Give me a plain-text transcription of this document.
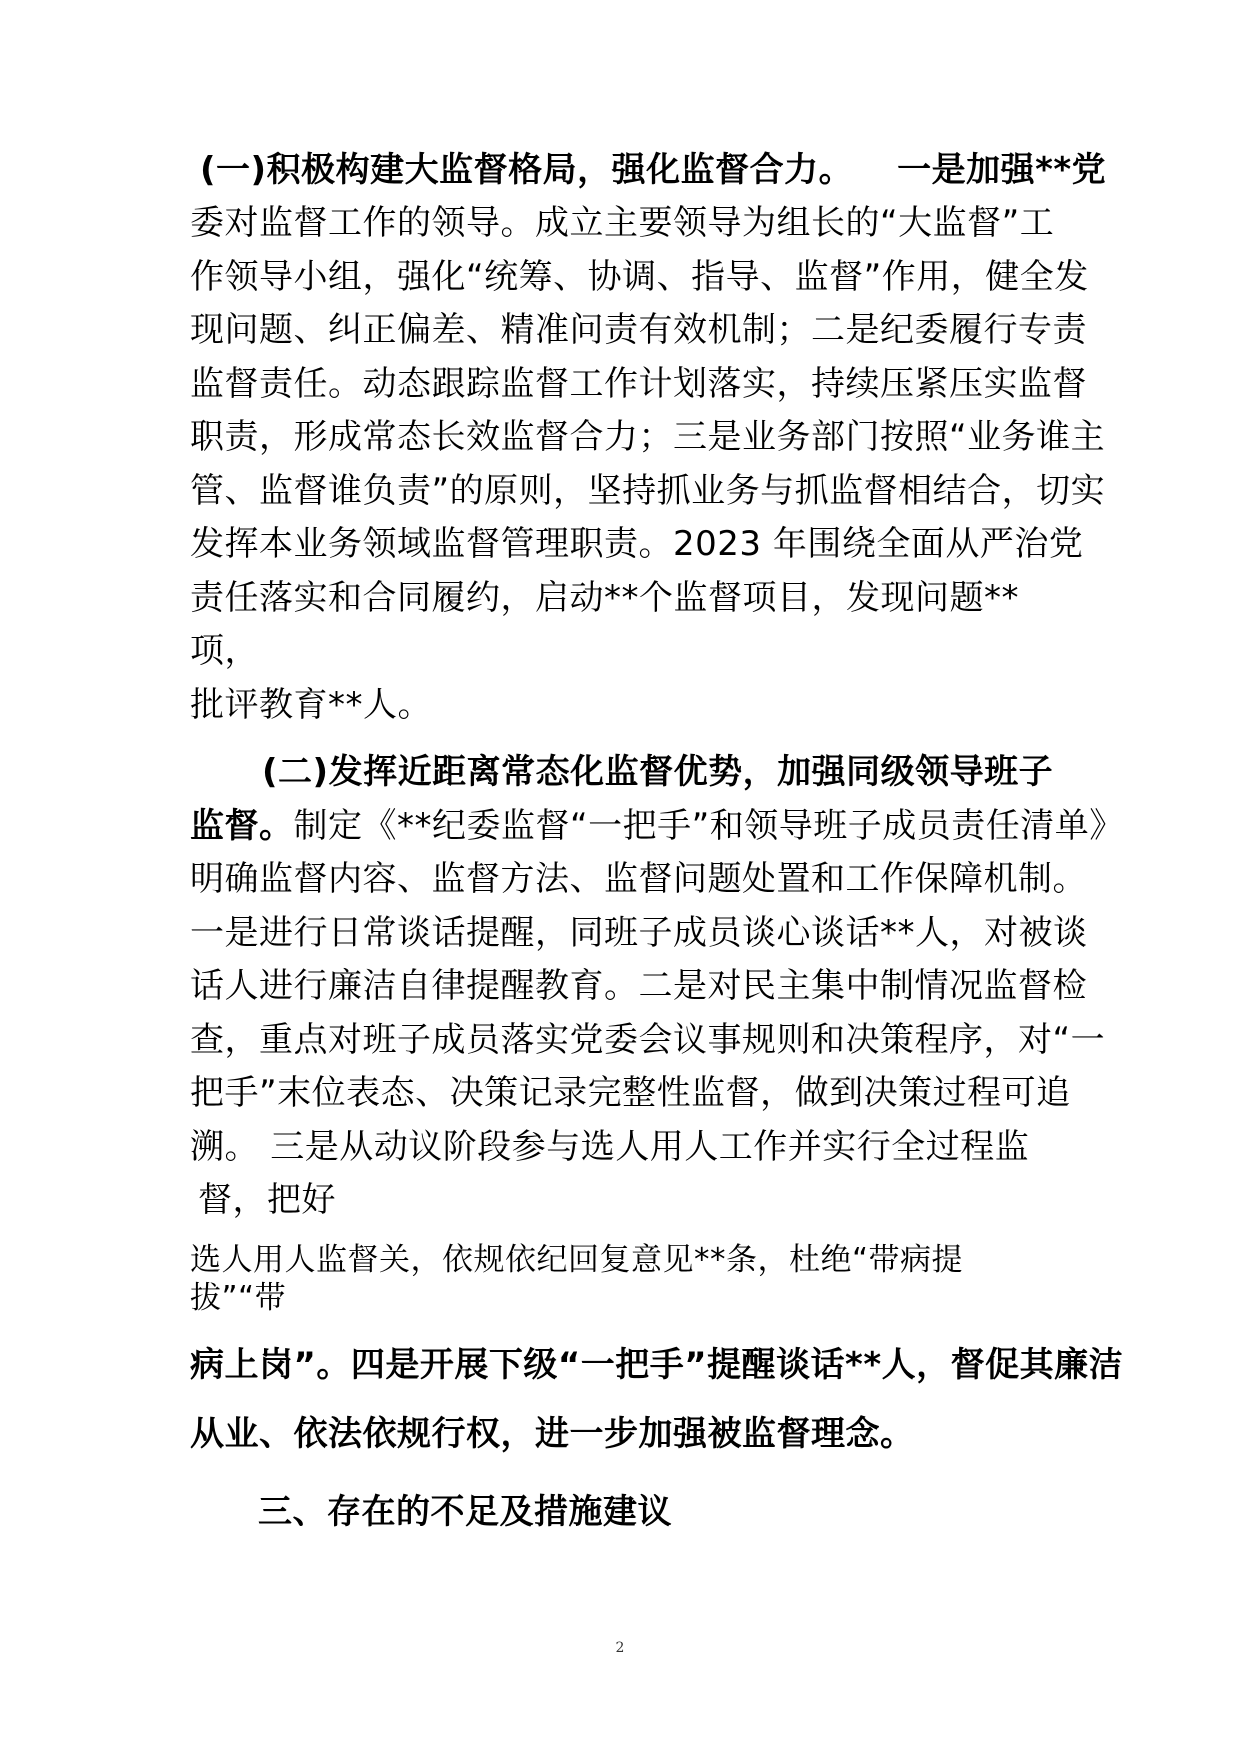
(一)积极构建大监督格局，强化监督合力。 一是加强**党
委对监督工作的领导。成立主要领导为组长的“大监督”工
作领导小组，强化“统筹、协调、指导、监督”作用，健全发
现问题、纠正偏差、精准问责有效机制；二是纪委履行专责
监督责任。动态跟踪监督工作计划落实，持续压紧压实监督
职责，形成常态长效监督合力；三是业务部门按照“业务谁主
管、监督谁负责”的原则，坚持抓业务与抓监督相结合，切实
发挥本业务领域监督管理职责。2023 年围绕全面从严治党
责任落实和合同履约，启动**个监督项目，发现问题**
项，
批评教育**人。
(二)发挥近距离常态化监督优势，加强同级领导班子
监督。制定《**纪委监督“一把手”和领导班子成员责任清单》
明确监督内容、监督方法、监督问题处置和工作保障机制。
一是进行日常谈话提醒，同班子成员谈心谈话**人，对被谈
话人进行廉洁自律提醒教育。二是对民主集中制情况监督检
查，重点对班子成员落实党委会议事规则和决策程序，对“一
把手”末位表态、决策记录完整性监督，做到决策过程可追
溯。 三是从动议阶段参与选人用人工作并实行全过程监
督，把好
选人用人监督关，依规依纪回复意见**条，杜绝“带病提
拔”“带
病上岗”。四是开展下级“一把手”提醒谈话**人，督促其廉洁
从业、依法依规行权，进一步加强被监督理念。
三、存在的不足及措施建议
2
